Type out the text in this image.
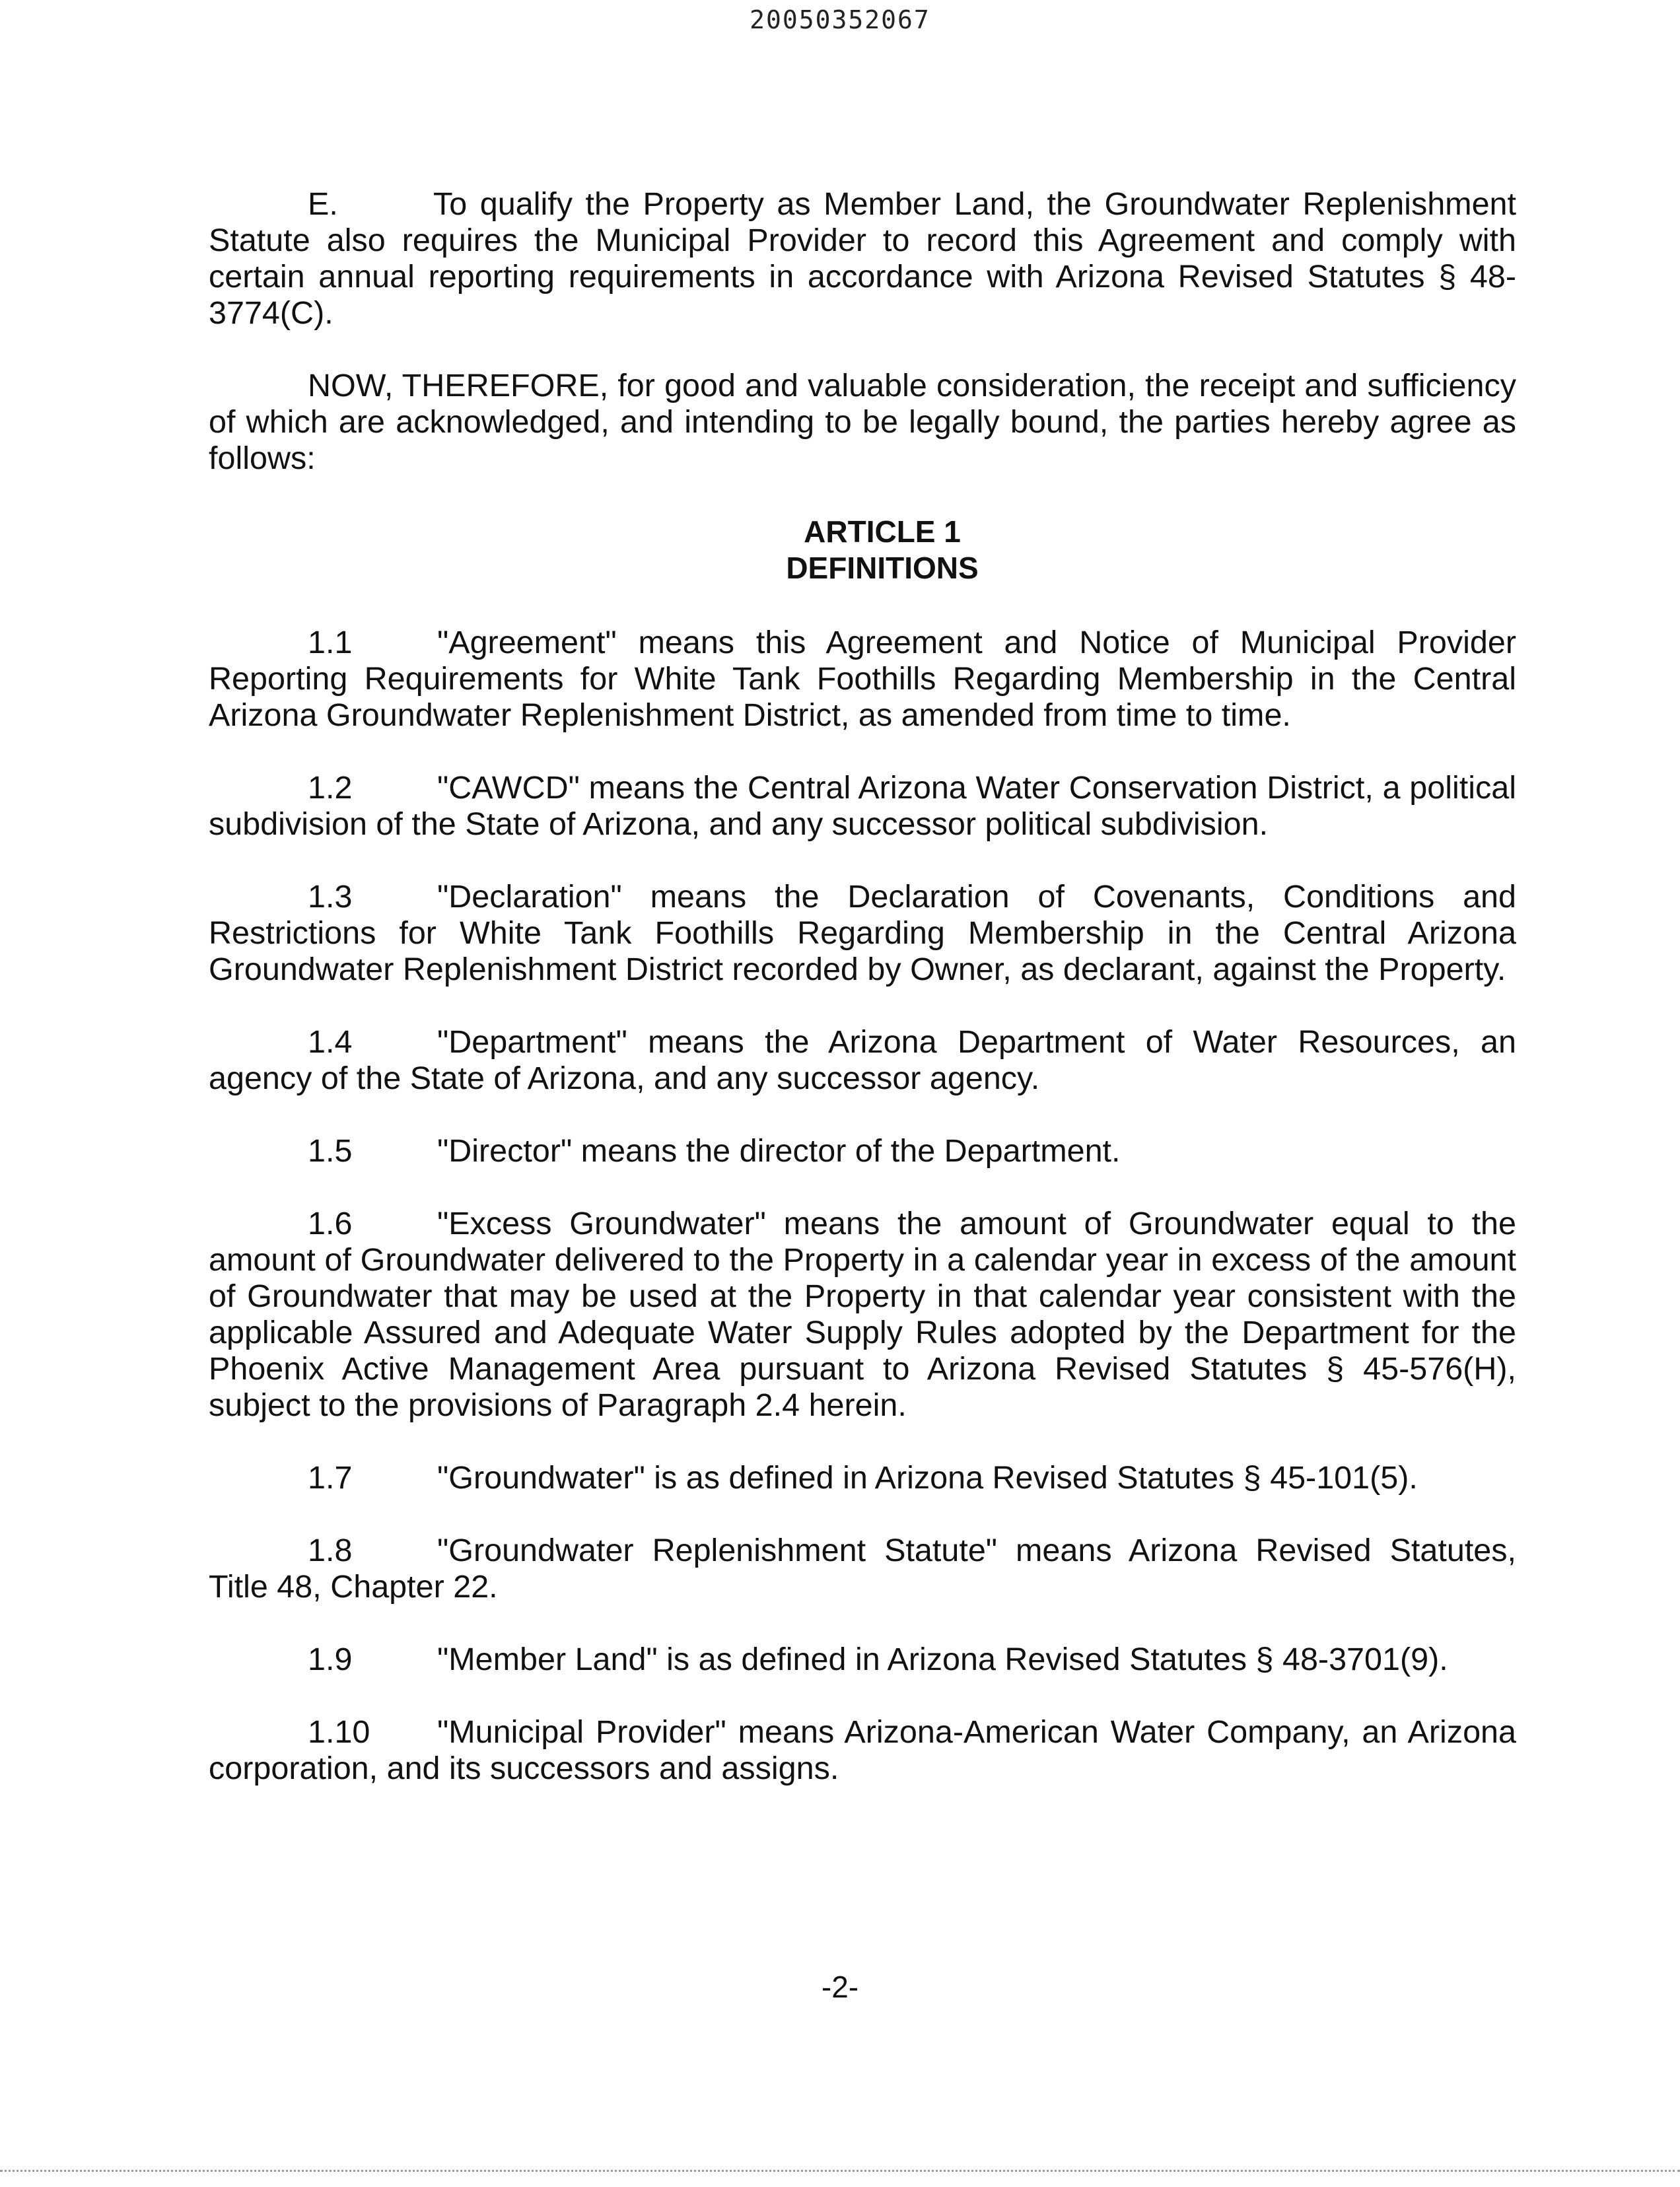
20050352067

E.	To qualify the Property as Member Land, the Groundwater Replenishment Statute also requires the Municipal Provider to record this Agreement and comply with certain annual reporting requirements in accordance with Arizona Revised Statutes § 48-3774(C).

NOW, THEREFORE, for good and valuable consideration, the receipt and sufficiency of which are acknowledged, and intending to be legally bound, the parties hereby agree as follows:

ARTICLE 1
DEFINITIONS

1.1	"Agreement" means this Agreement and Notice of Municipal Provider Reporting Requirements for White Tank Foothills Regarding Membership in the Central Arizona Groundwater Replenishment District, as amended from time to time.

1.2	"CAWCD" means the Central Arizona Water Conservation District, a political subdivision of the State of Arizona, and any successor political subdivision.

1.3	"Declaration" means the Declaration of Covenants, Conditions and Restrictions for White Tank Foothills Regarding Membership in the Central Arizona Groundwater Replenishment District recorded by Owner, as declarant, against the Property.

1.4	"Department" means the Arizona Department of Water Resources, an agency of the State of Arizona, and any successor agency.

1.5	"Director" means the director of the Department.

1.6	"Excess Groundwater" means the amount of Groundwater equal to the amount of Groundwater delivered to the Property in a calendar year in excess of the amount of Groundwater that may be used at the Property in that calendar year consistent with the applicable Assured and Adequate Water Supply Rules adopted by the Department for the Phoenix Active Management Area pursuant to Arizona Revised Statutes § 45-576(H), subject to the provisions of Paragraph 2.4 herein.

1.7	"Groundwater" is as defined in Arizona Revised Statutes § 45-101(5).

1.8	"Groundwater Replenishment Statute" means Arizona Revised Statutes, Title 48, Chapter 22.

1.9	"Member Land" is as defined in Arizona Revised Statutes § 48-3701(9).

1.10 "Municipal Provider" means Arizona-American Water Company, an Arizona corporation, and its successors and assigns.

-2-
